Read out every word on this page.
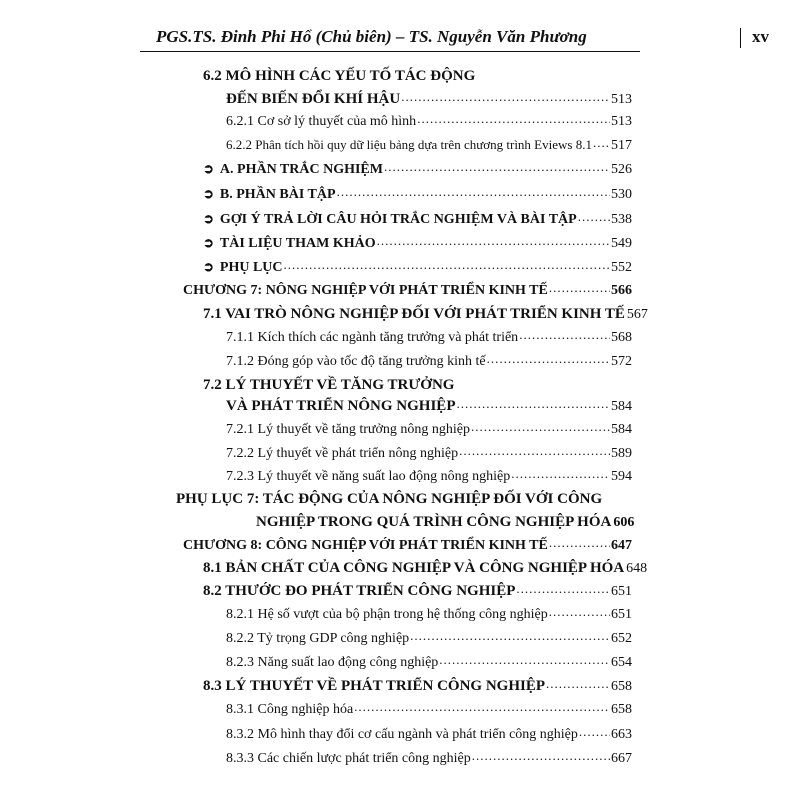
PGS.TS. Đinh Phi Hổ (Chủ biên) – TS. Nguyễn Văn Phương	xv
6.2 MÔ HÌNH CÁC YẾU TỐ TÁC ĐỘNG
ĐẾN BIẾN ĐỔI KHÍ HẬU .....	513
6.2.1 Cơ sở lý thuyết của mô hình .....	513
6.2.2 Phân tích hồi quy dữ liệu bảng dựa trên chương trình Eviews 8.1 ..... 517
➲ A. PHẦN TRẮC NGHIỆM .....	526
➲ B. PHẦN BÀI TẬP .....	530
➲ GỢI Ý TRẢ LỜI CÂU HỎI TRẮC NGHIỆM VÀ BÀI TẬP ..... 538
➲ TÀI LIỆU THAM KHẢO .....	549
➲ PHỤ LỤC .....	552
CHƯƠNG 7: NÔNG NGHIỆP VỚI PHÁT TRIỂN KINH TẾ .....	566
7.1 VAI TRÒ NÔNG NGHIỆP ĐỐI VỚI PHÁT TRIỂN KINH TẾ 567
7.1.1 Kích thích các ngành tăng trưởng và phát triển .....	568
7.1.2 Đóng góp vào tốc độ tăng trưởng kinh tế .....	572
7.2 LÝ THUYẾT VỀ TĂNG TRƯỞNG
VÀ PHÁT TRIỂN NÔNG NGHIỆP .....	584
7.2.1 Lý thuyết về tăng trưởng nông nghiệp .....	584
7.2.2 Lý thuyết về phát triển nông nghiệp .....	589
7.2.3 Lý thuyết về năng suất lao động nông nghiệp .....	594
PHỤ LỤC 7: TÁC ĐỘNG CỦA NÔNG NGHIỆP ĐỐI VỚI CÔNG
NGHIỆP TRONG QUÁ TRÌNH CÔNG NGHIỆP HÓA 606
CHƯƠNG 8: CÔNG NGHIỆP VỚI PHÁT TRIỂN KINH TẾ .....	647
8.1 BẢN CHẤT CỦA CÔNG NGHIỆP VÀ CÔNG NGHIỆP HÓA 648
8.2 THƯỚC ĐO PHÁT TRIỂN CÔNG NGHIỆP .....	651
8.2.1 Hệ số vượt của bộ phận trong hệ thống công nghiệp .....	651
8.2.2 Tỷ trọng GDP công nghiệp .....	652
8.2.3 Năng suất lao động công nghiệp .....	654
8.3 LÝ THUYẾT VỀ PHÁT TRIỂN CÔNG NGHIỆP .....	658
8.3.1 Công nghiệp hóa .....	658
8.3.2 Mô hình thay đổi cơ cấu ngành và phát triển công nghiệp ..... 663
8.3.3 Các chiến lược phát triển công nghiệp .....	667
